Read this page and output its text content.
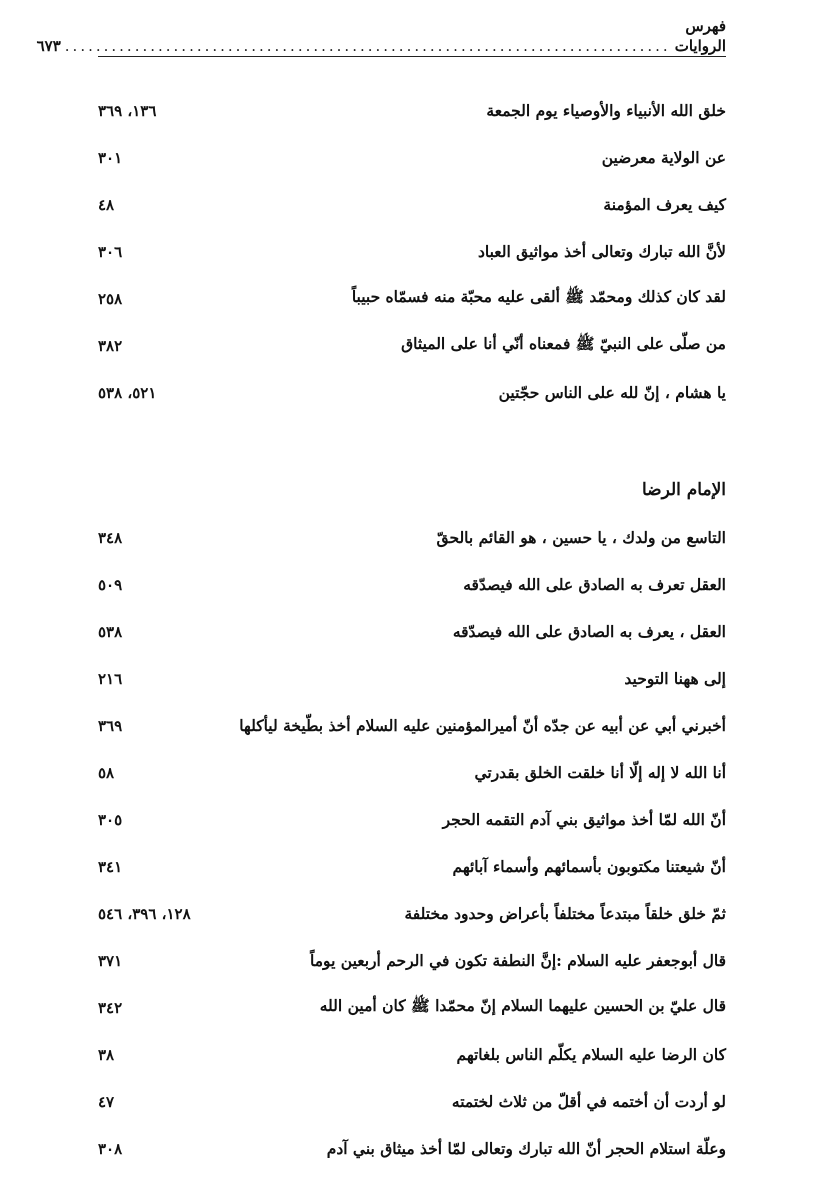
فهرس الروايات
..............................................................................
٦٧٣
خلق الله الأنبياء والأوصياء يوم الجمعة
١٣٦، ٣٦٩
عن الولاية معرضين
٣٠١
كيف يعرف المؤمنة
٤٨
لأنَّ الله تبارك وتعالى أخذ مواثيق العباد
٣٠٦
لقد كان كذلك ومحمّد ﷺ ألقى عليه محبّة منه فسمّاه حبيباً
٢٥٨
من صلّى على النبيّ ﷺ فمعناه أنّي أنا على الميثاق
٣٨٢
يا هشام ، إنّ لله على الناس حجّتين
٥٢١، ٥٣٨
الإمام الرضا
التاسع من ولدك ، يا حسين ، هو القائم بالحقّ
٣٤٨
العقل تعرف به الصادق على الله فيصدّقه
٥٠٩
العقل ، يعرف به الصادق على الله فيصدّقه
٥٣٨
إلى ههنا التوحيد
٢١٦
أخبرني أبي عن أبيه عن جدّه أنّ أميرالمؤمنين عليه السلام أخذ بطّيخة ليأكلها
٣٦٩
أنا الله لا إله إلّا أنا خلقت الخلق بقدرتي
٥٨
أنّ الله لمّا أخذ مواثيق بني آدم التقمه الحجر
٣٠٥
أنّ شيعتنا مكتوبون بأسمائهم وأسماء آبائهم
٣٤١
ثمّ خلق خلقاً مبتدعاً مختلفاً بأعراض وحدود مختلفة
١٢٨، ٣٩٦، ٥٤٦
قال أبوجعفر عليه السلام :إنَّ النطفة تكون في الرحم أربعين يوماً
٣٧١
قال عليّ بن الحسين عليهما السلام إنّ محمّدا ﷺ كان أمين الله
٣٤٢
كان الرضا عليه السلام يكلّم الناس بلغاتهم
٣٨
لو أردت أن أختمه في أقلّ من ثلاث لختمته
٤٧
وعلّة استلام الحجر أنّ الله تبارك وتعالى لمّا أخذ ميثاق بني آدم
٣٠٨
